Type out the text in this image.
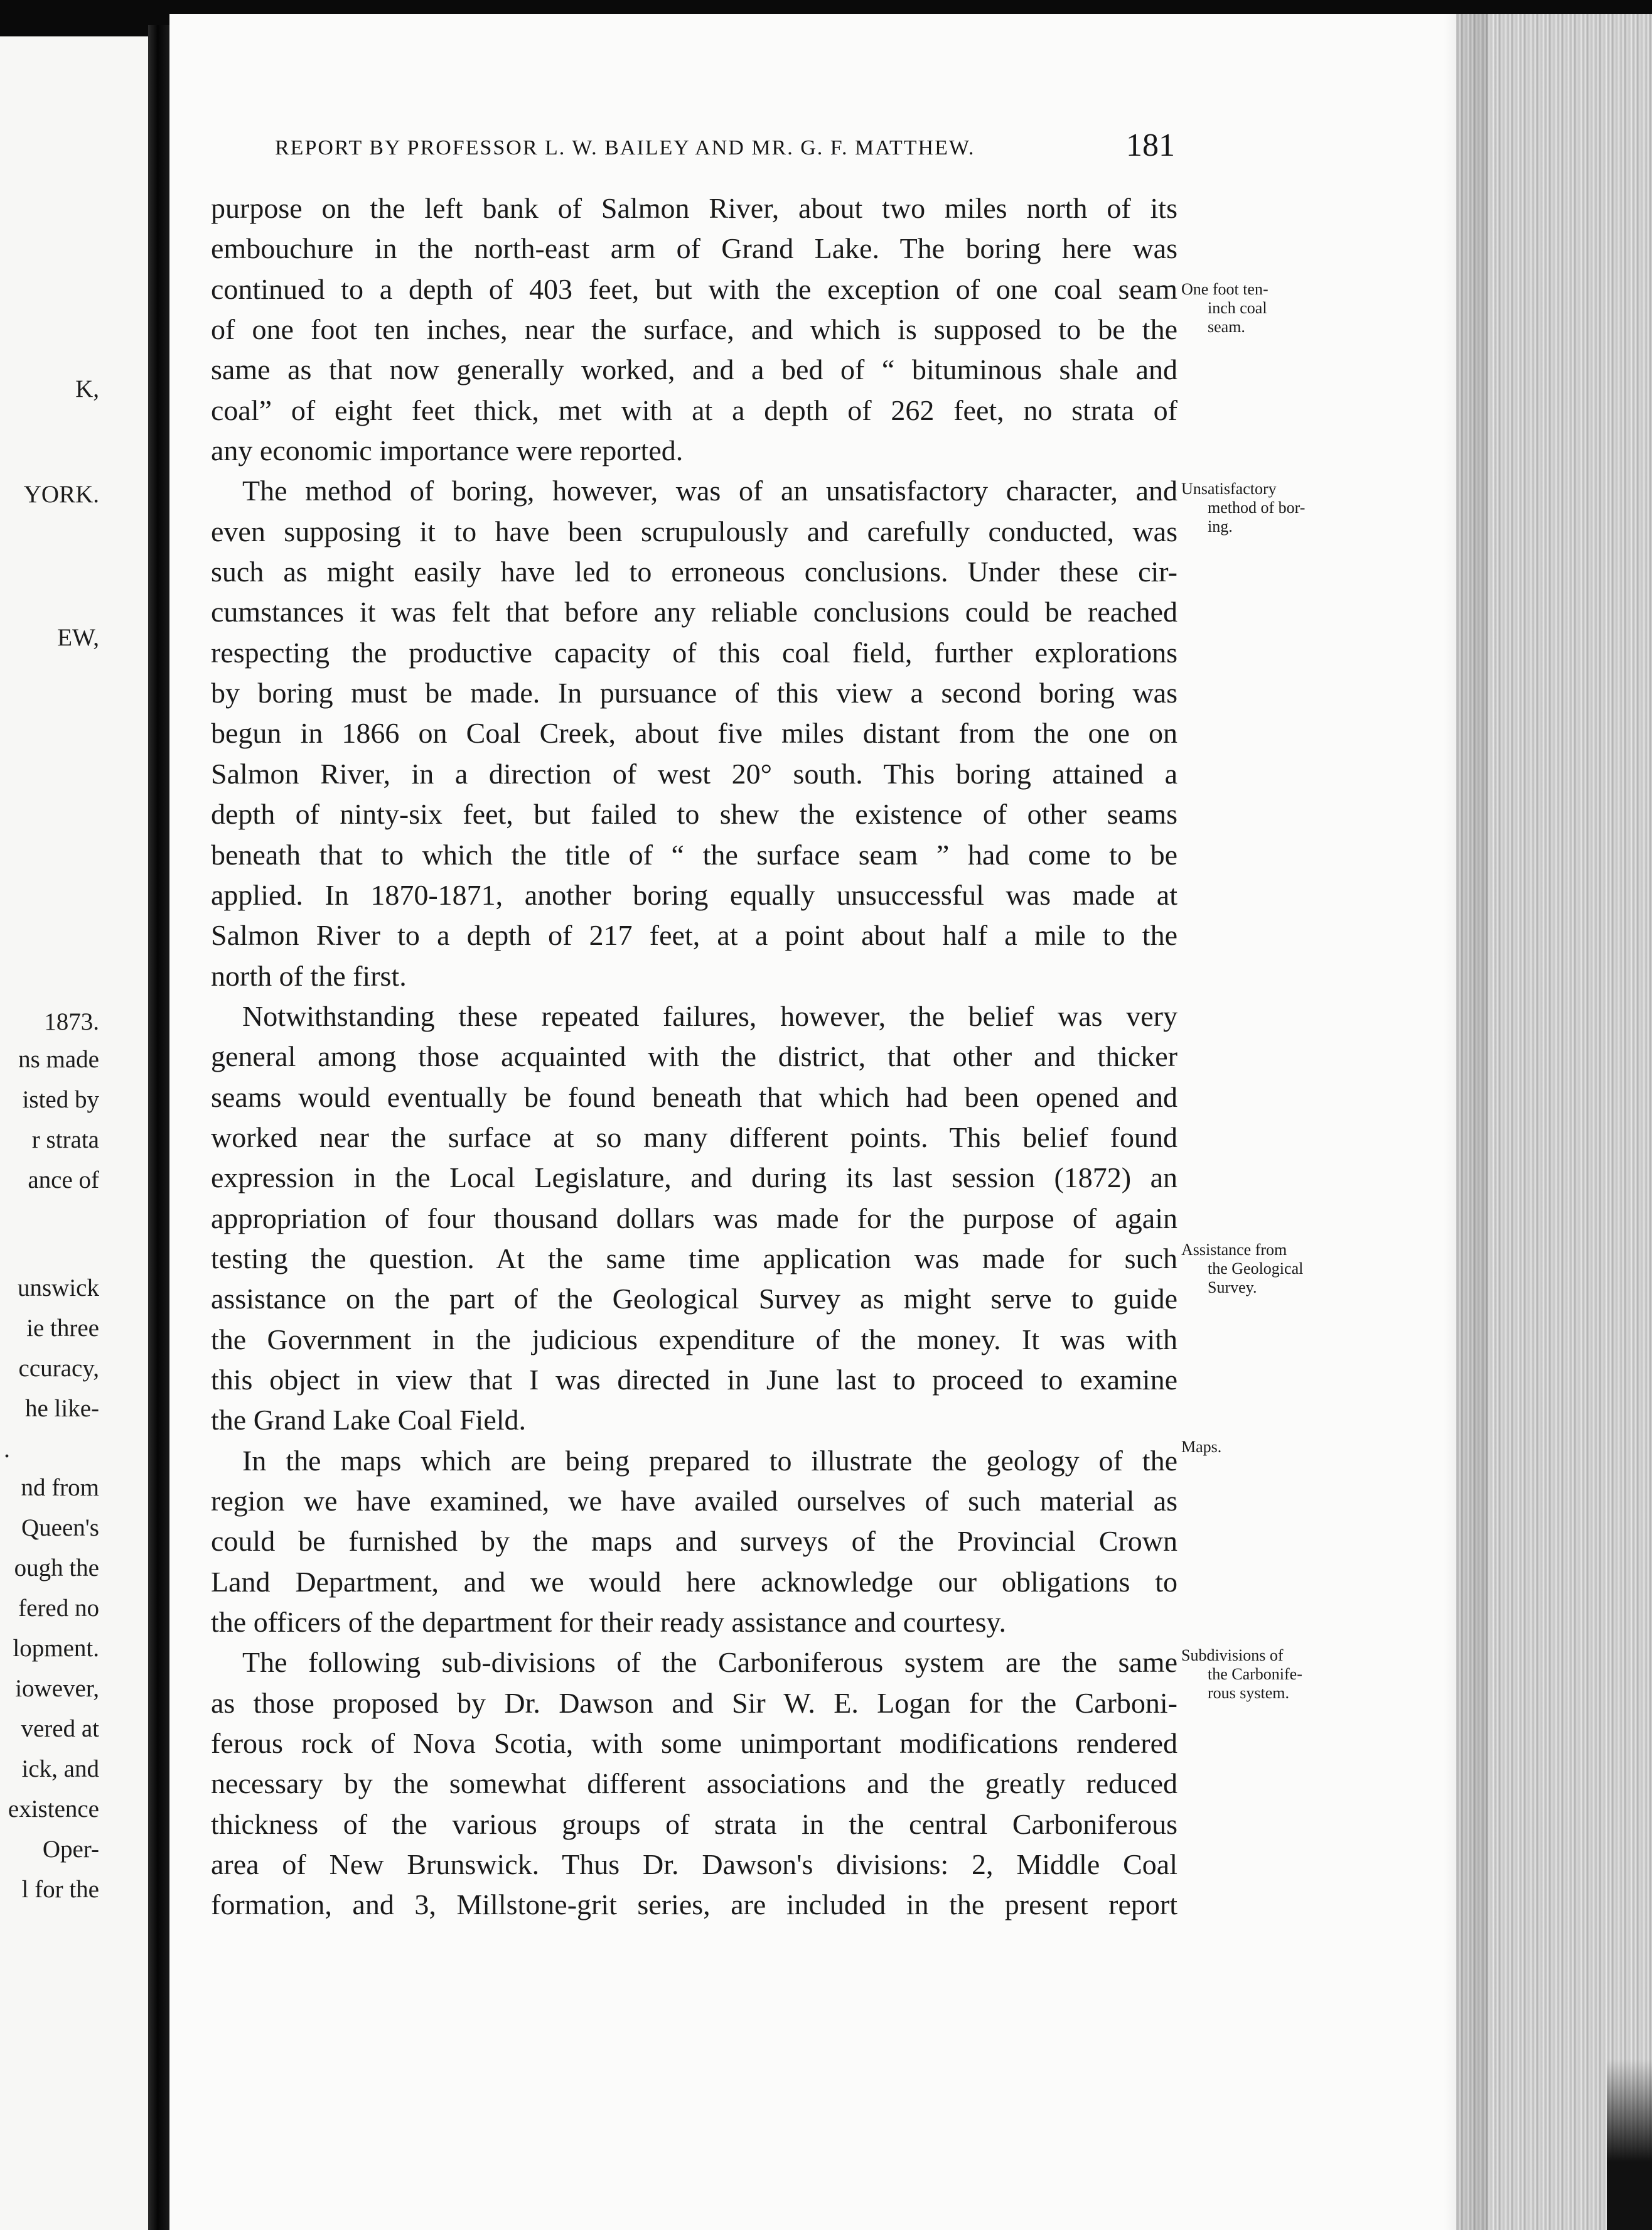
K,

YORK.

EW,

1873.

ns made

isted by

r strata

ance of

unswick

ie three

ccuracy,

he like-

nd from

Queen's

ough the

fered no

lopment.

iowever,

vered at

ick, and

existence

Oper-

l for the

.
REPORT BY PROFESSOR L. W. BAILEY AND MR. G. F. MATTHEW.	181

purpose on the left bank of Salmon River, about two miles north of its

embouchure in the north-east arm of Grand Lake. The boring here was

continued to a depth of 403 feet, but with the exception of one coal seam

of one foot ten inches, near the surface, and which is supposed to be the

same as that now generally worked, and a bed of “ bituminous shale and

coal” of eight feet thick, met with at a depth of 262 feet, no strata of

any economic importance were reported.

The method of boring, however, was of an unsatisfactory character, and

even supposing it to have been scrupulously and carefully conducted, was

such as might easily have led to erroneous conclusions. Under these cir-

cumstances it was felt that before any reliable conclusions could be reached

respecting the productive capacity of this coal field, further explorations

by boring must be made. In pursuance of this view a second boring was

begun in 1866 on Coal Creek, about five miles distant from the one on

Salmon River, in a direction of west 20° south. This boring attained a

depth of ninty-six feet, but failed to shew the existence of other seams

beneath that to which the title of “ the surface seam ” had come to be

applied. In 1870-1871, another boring equally unsuccessful was made at

Salmon River to a depth of 217 feet, at a point about half a mile to the

north of the first.

Notwithstanding these repeated failures, however, the belief was very

general among those acquainted with the district, that other and thicker

seams would eventually be found beneath that which had been opened and

worked near the surface at so many different points. This belief found

expression in the Local Legislature, and during its last session (1872) an

appropriation of four thousand dollars was made for the purpose of again

testing the question. At the same time application was made for such

assistance on the part of the Geological Survey as might serve to guide

the Government in the judicious expenditure of the money. It was with

this object in view that I was directed in June last to proceed to examine

the Grand Lake Coal Field.

In the maps which are being prepared to illustrate the geology of the

region we have examined, we have availed ourselves of such material as

could be furnished by the maps and surveys of the Provincial Crown

Land Department, and we would here acknowledge our obligations to

the officers of the department for their ready assistance and courtesy.

The following sub-divisions of the Carboniferous system are the same

as those proposed by Dr. Dawson and Sir W. E. Logan for the Carboni-

ferous rock of Nova Scotia, with some unimportant modifications rendered

necessary by the somewhat different associations and the greatly reduced

thickness of the various groups of strata in the central Carboniferous

area of New Brunswick. Thus Dr. Dawson's divisions: 2, Middle Coal

formation, and 3, Millstone-grit series, are included in the present report

One foot ten-
inch coal
seam.
Unsatisfactory
method of bor-
ing.
Assistance from
the Geological
Survey.
Maps.
Subdivisions of
the Carbonife-
rous system.
